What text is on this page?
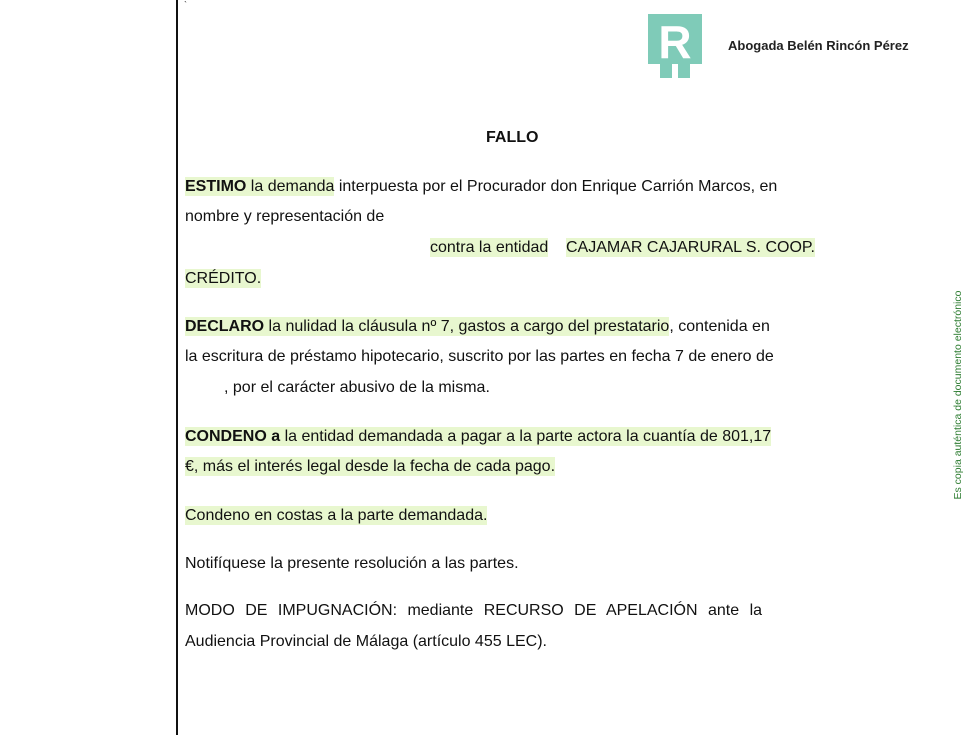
`
R	Abogada Belén Rincón Pérez
Es copia auténtica de documento electrónico
FALLO
ESTIMO la demanda interpuesta por el Procurador don Enrique Carrión Marcos, en
nombre y representación de
contra la entidad CAJAMAR CAJARURAL S. COOP.
CRÉDITO.
DECLARO la nulidad la cláusula nº 7, gastos a cargo del prestatario, contenida en
la escritura de préstamo hipotecario, suscrito por las partes en fecha 7 de enero de
, por el carácter abusivo de la misma.
CONDENO a la entidad demandada a pagar a la parte actora la cuantía de 801,17
€, más el interés legal desde la fecha de cada pago.
Condeno en costas a la parte demandada.
Notifíquese la presente resolución a las partes.
MODO DE IMPUGNACIÓN: mediante RECURSO DE APELACIÓN ante la
Audiencia Provincial de Málaga (artículo 455 LEC).
